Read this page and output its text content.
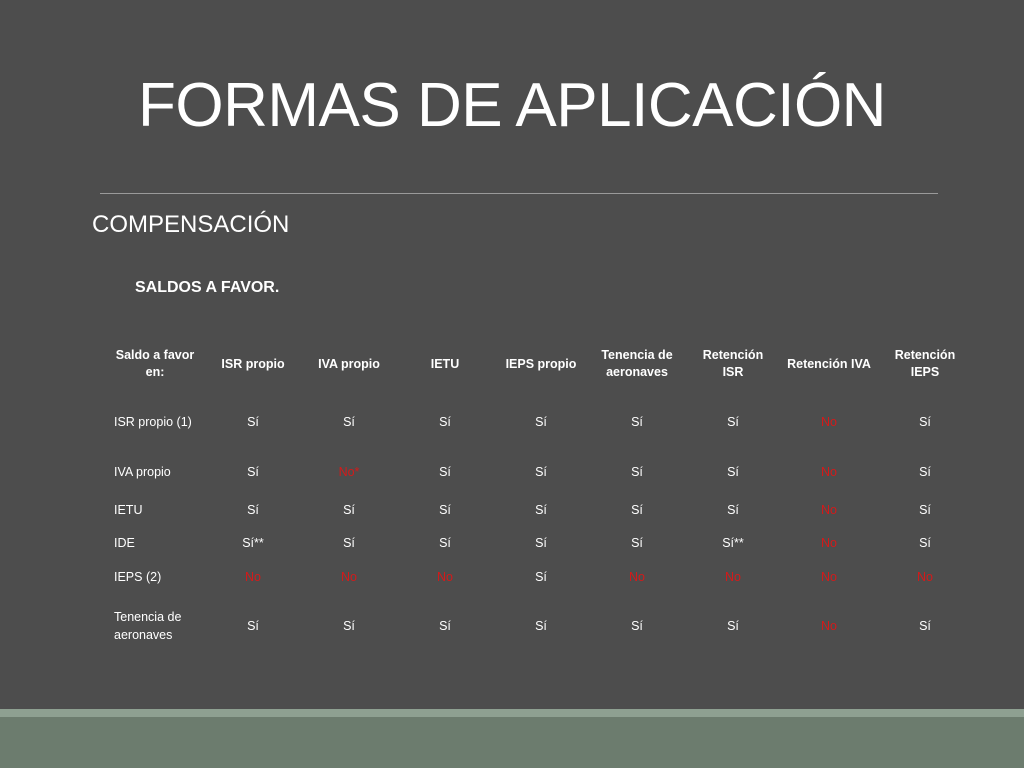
FORMAS DE APLICACIÓN
COMPENSACIÓN
SALDOS A FAVOR.
Saldo a favor en:	ISR propio	IVA propio	IETU	IEPS propio	Tenencia de aeronaves	Retención ISR	Retención IVA	Retención IEPS
ISR propio (1)	Sí	Sí	Sí	Sí	Sí	Sí	No	Sí
IVA propio	Sí	No*	Sí	Sí	Sí	Sí	No	Sí
IETU	Sí	Sí	Sí	Sí	Sí	Sí	No	Sí
IDE	Sí**	Sí	Sí	Sí	Sí	Sí**	No	Sí
IEPS (2)	No	No	No	Sí	No	No	No	No
Tenencia de aeronaves	Sí	Sí	Sí	Sí	Sí	Sí	No	Sí
